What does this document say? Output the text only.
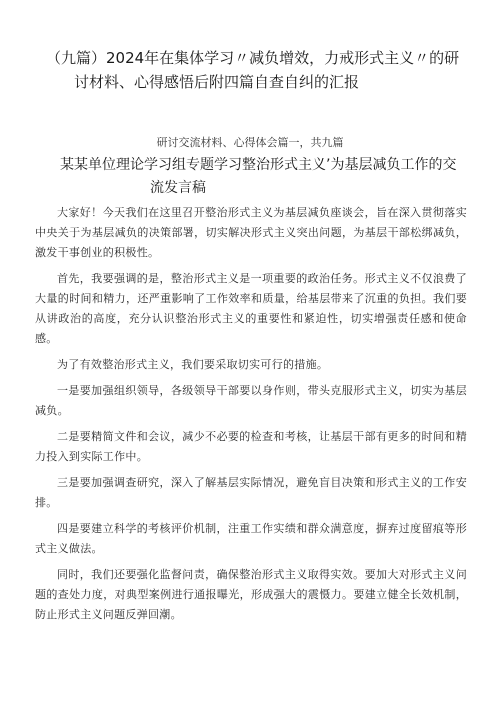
（九篇）2024年在集体学习〃减负增效，力戒形式主义〃的研
讨材料、心得感悟后附四篇自查自纠的汇报
研讨交流材料、心得体会篇一，共九篇
某某单位理论学习组专题学习整治形式主义’为基层减负工作的交
流发言稿

大家好！今天我们在这里召开整治形式主义为基层减负座谈会，旨在深入贯彻落实中央关于为基层减负的决策部署，切实解决形式主义突出问题，为基层干部松绑减负，激发干事创业的积极性。

首先，我要强调的是，整治形式主义是一项重要的政治任务。形式主义不仅浪费了大量的时间和精力，还严重影响了工作效率和质量，给基层带来了沉重的负担。我们要从讲政治的高度，充分认识整治形式主义的重要性和紧迫性，切实增强责任感和使命感。

为了有效整治形式主义，我们要采取切实可行的措施。

一是要加强组织领导，各级领导干部要以身作则，带头克服形式主义，切实为基层减负。

二是要精简文件和会议，减少不必要的检查和考核，让基层干部有更多的时间和精力投入到实际工作中。

三是要加强调查研究，深入了解基层实际情况，避免盲目决策和形式主义的工作安排。

四是要建立科学的考核评价机制，注重工作实绩和群众满意度，摒弃过度留痕等形式主义做法。

同时，我们还要强化监督问责，确保整治形式主义取得实效。要加大对形式主义问题的查处力度，对典型案例进行通报曝光，形成强大的震慑力。要建立健全长效机制，防止形式主义问题反弹回潮。
